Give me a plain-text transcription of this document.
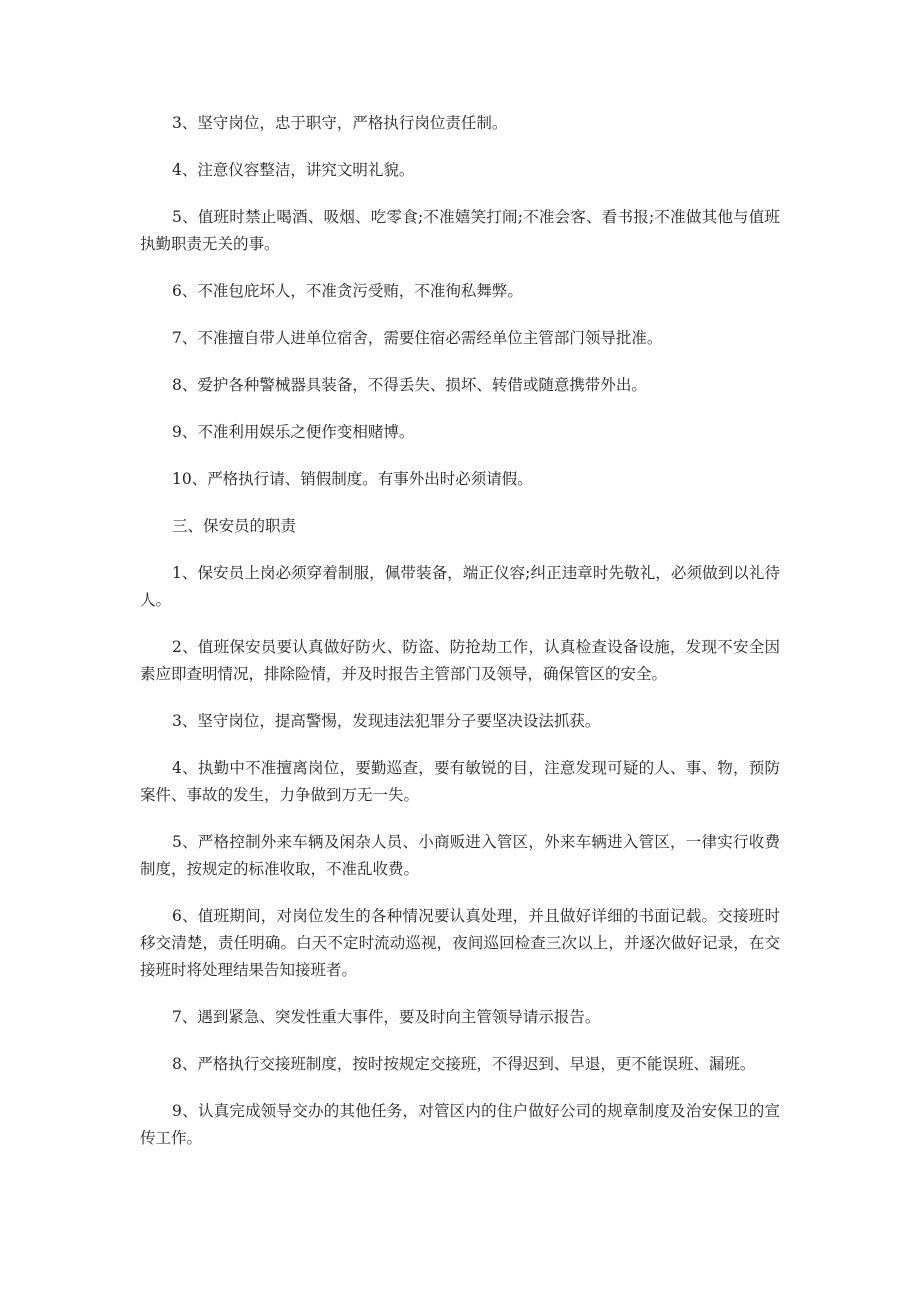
3、坚守岗位，忠于职守，严格执行岗位责任制。

4、注意仪容整洁，讲究文明礼貌。

5、值班时禁止喝酒、吸烟、吃零食;不准嬉笑打闹;不准会客、看书报;不准做其他与值班执勤职责无关的事。

6、不准包庇坏人，不准贪污受贿，不准徇私舞弊。

7、不准擅自带人进单位宿舍，需要住宿必需经单位主管部门领导批准。

8、爱护各种警械器具装备，不得丢失、损坏、转借或随意携带外出。

9、不准利用娱乐之便作变相赌博。

10、严格执行请、销假制度。有事外出时必须请假。

三、保安员的职责

1、保安员上岗必须穿着制服，佩带装备，端正仪容;纠正违章时先敬礼，必须做到以礼待人。

2、值班保安员要认真做好防火、防盗、防抢劫工作，认真检查设备设施，发现不安全因素应即查明情况，排除险情，并及时报告主管部门及领导，确保管区的安全。

3、坚守岗位，提高警惕，发现违法犯罪分子要坚决设法抓获。

4、执勤中不准擅离岗位，要勤巡查，要有敏锐的目，注意发现可疑的人、事、物，预防案件、事故的发生，力争做到万无一失。

5、严格控制外来车辆及闲杂人员、小商贩进入管区，外来车辆进入管区，一律实行收费制度，按规定的标准收取，不准乱收费。

6、值班期间，对岗位发生的各种情况要认真处理，并且做好详细的书面记载。交接班时移交清楚，责任明确。白天不定时流动巡视，夜间巡回检查三次以上，并逐次做好记录，在交接班时将处理结果告知接班者。

7、遇到紧急、突发性重大事件，要及时向主管领导请示报告。

8、严格执行交接班制度，按时按规定交接班，不得迟到、早退，更不能误班、漏班。

9、认真完成领导交办的其他任务，对管区内的住户做好公司的规章制度及治安保卫的宣传工作。
